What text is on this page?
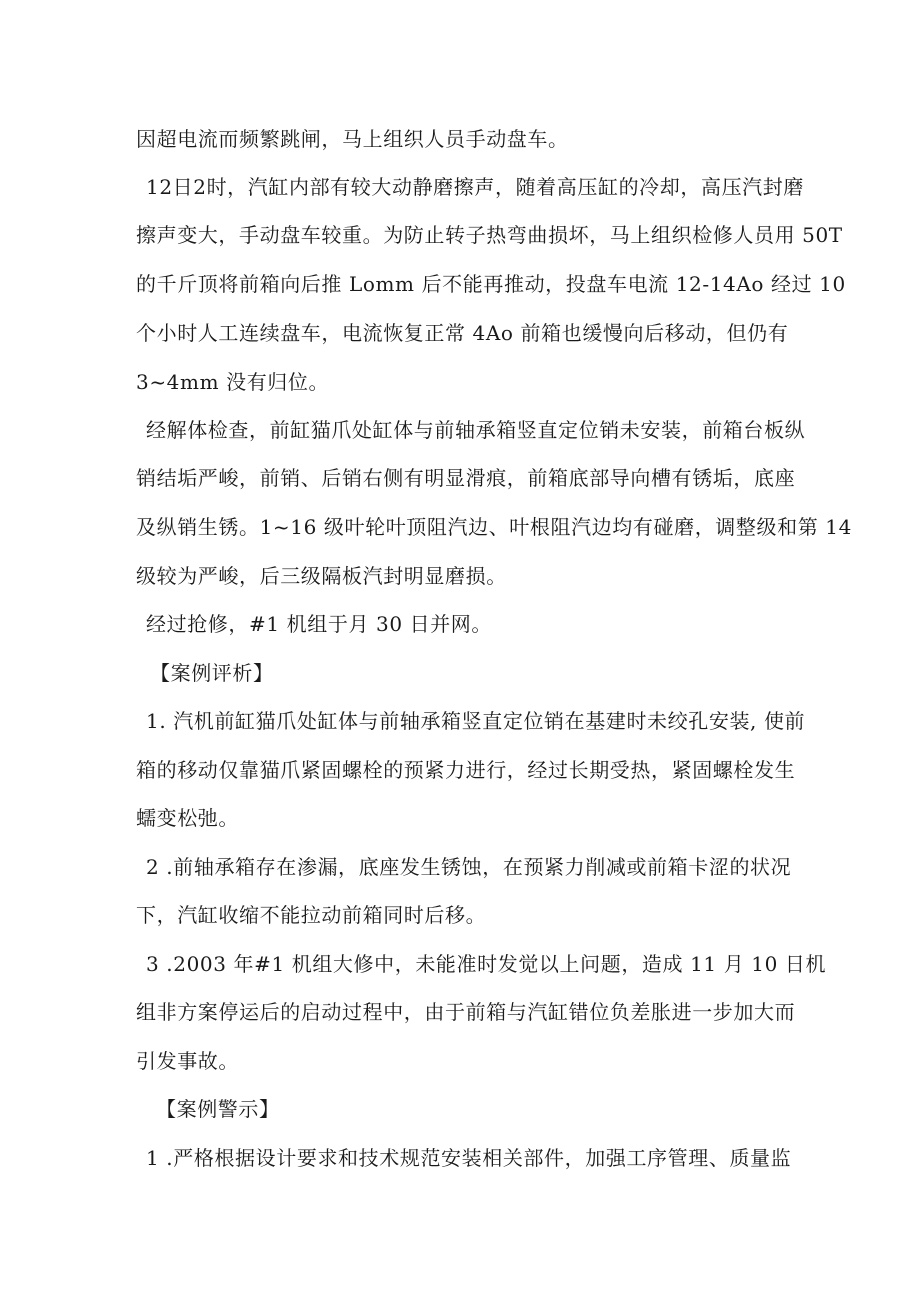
因超电流而频繁跳闸，马上组织人员手动盘车。
12日2时，汽缸内部有较大动静磨擦声，随着高压缸的冷却，高压汽封磨
擦声变大，手动盘车较重。为防止转子热弯曲损坏，马上组织检修人员用 50T
的千斤顶将前箱向后推 Lomm 后不能再推动，投盘车电流 12-14Ao 经过 10
个小时人工连续盘车，电流恢复正常 4Ao 前箱也缓慢向后移动，但仍有
3~4mm 没有归位。
经解体检查，前缸猫爪处缸体与前轴承箱竖直定位销未安装，前箱台板纵
销结垢严峻，前销、后销右侧有明显滑痕，前箱底部导向槽有锈垢，底座
及纵销生锈。1~16 级叶轮叶顶阻汽边、叶根阻汽边均有碰磨，调整级和第 14
级较为严峻，后三级隔板汽封明显磨损。
经过抢修，#1 机组于月 30 日并网。
【案例评析】
1. 汽机前缸猫爪处缸体与前轴承箱竖直定位销在基建时未绞孔安装, 使前
箱的移动仅靠猫爪紧固螺栓的预紧力进行，经过长期受热，紧固螺栓发生
蠕变松弛。
2 .前轴承箱存在渗漏，底座发生锈蚀，在预紧力削减或前箱卡涩的状况
下，汽缸收缩不能拉动前箱同时后移。
3 .2003 年#1 机组大修中，未能准时发觉以上问题，造成 11 月 10 日机
组非方案停运后的启动过程中，由于前箱与汽缸错位负差胀进一步加大而
引发事故。
【案例警示】
1 .严格根据设计要求和技术规范安装相关部件，加强工序管理、质量监
